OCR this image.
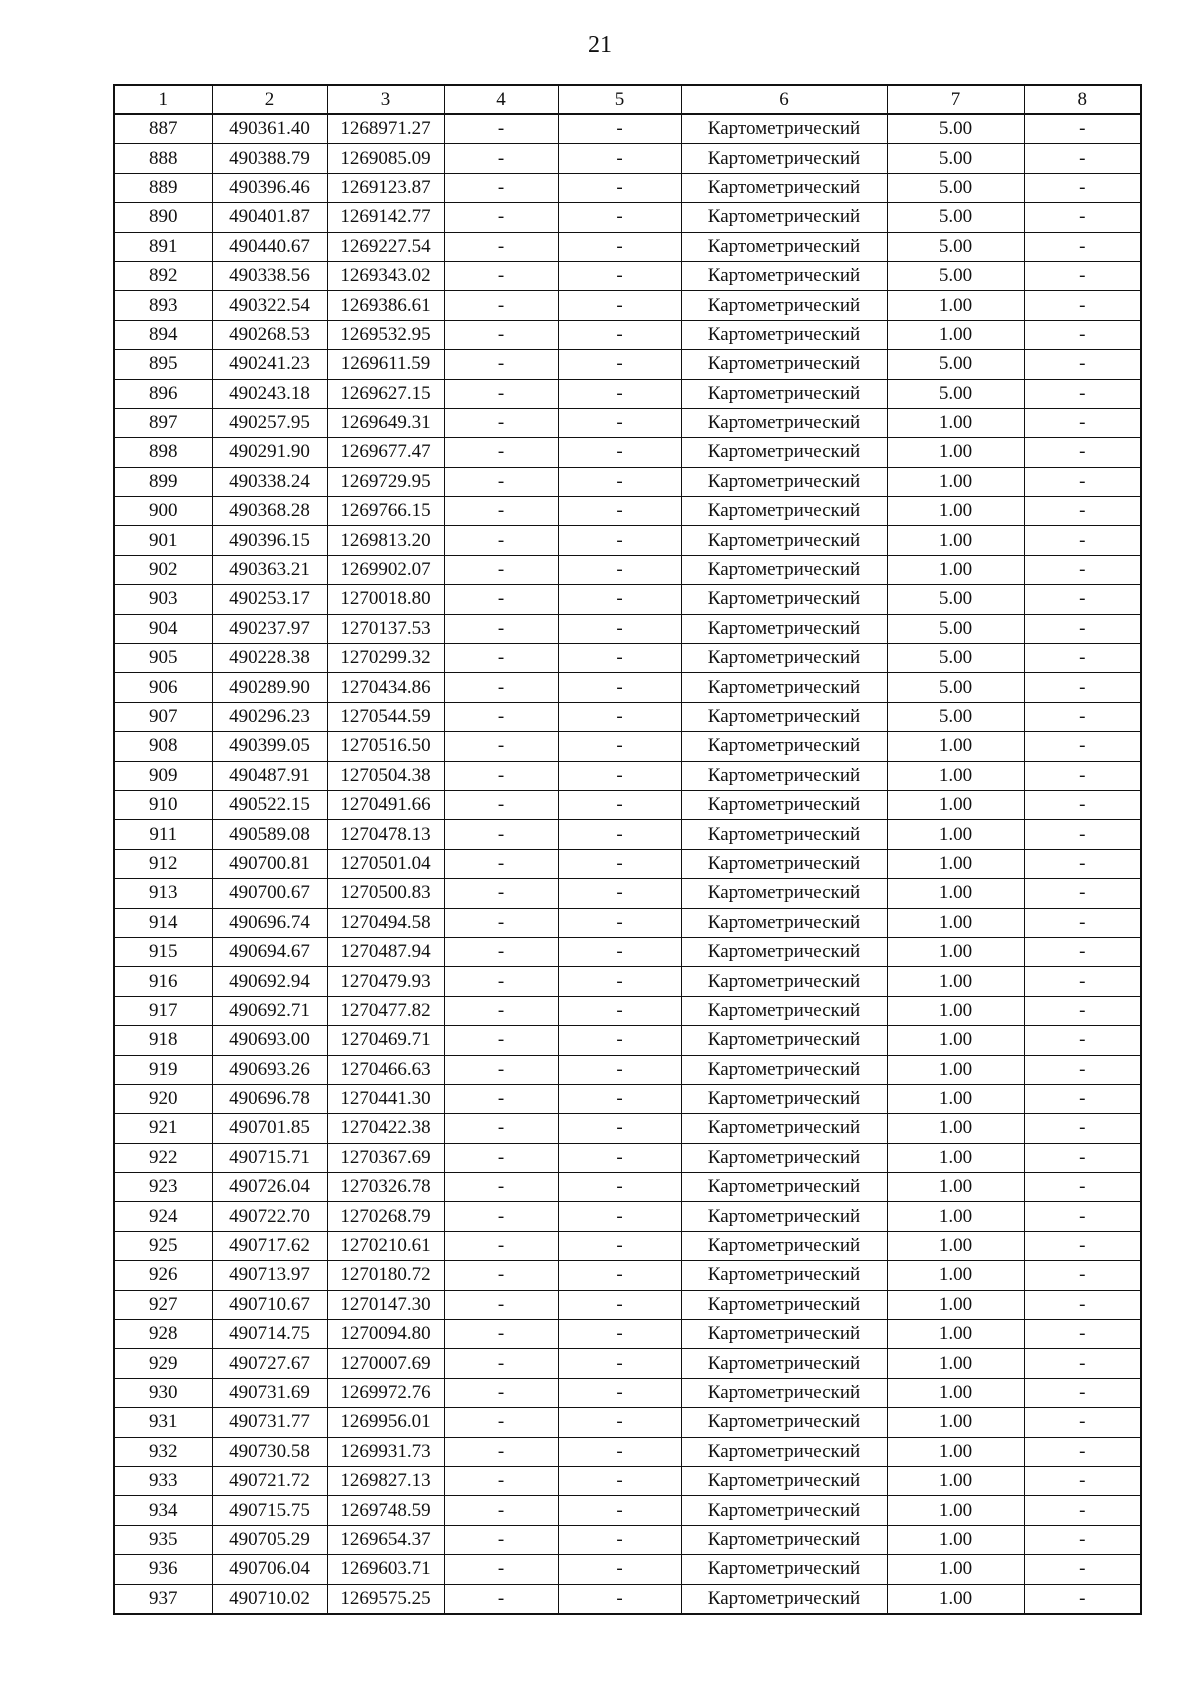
21
1	2	3	4	5	6	7	8
887	490361.40	1268971.27	-	-	Картометрический	5.00	-
888	490388.79	1269085.09	-	-	Картометрический	5.00	-
889	490396.46	1269123.87	-	-	Картометрический	5.00	-
890	490401.87	1269142.77	-	-	Картометрический	5.00	-
891	490440.67	1269227.54	-	-	Картометрический	5.00	-
892	490338.56	1269343.02	-	-	Картометрический	5.00	-
893	490322.54	1269386.61	-	-	Картометрический	1.00	-
894	490268.53	1269532.95	-	-	Картометрический	1.00	-
895	490241.23	1269611.59	-	-	Картометрический	5.00	-
896	490243.18	1269627.15	-	-	Картометрический	5.00	-
897	490257.95	1269649.31	-	-	Картометрический	1.00	-
898	490291.90	1269677.47	-	-	Картометрический	1.00	-
899	490338.24	1269729.95	-	-	Картометрический	1.00	-
900	490368.28	1269766.15	-	-	Картометрический	1.00	-
901	490396.15	1269813.20	-	-	Картометрический	1.00	-
902	490363.21	1269902.07	-	-	Картометрический	1.00	-
903	490253.17	1270018.80	-	-	Картометрический	5.00	-
904	490237.97	1270137.53	-	-	Картометрический	5.00	-
905	490228.38	1270299.32	-	-	Картометрический	5.00	-
906	490289.90	1270434.86	-	-	Картометрический	5.00	-
907	490296.23	1270544.59	-	-	Картометрический	5.00	-
908	490399.05	1270516.50	-	-	Картометрический	1.00	-
909	490487.91	1270504.38	-	-	Картометрический	1.00	-
910	490522.15	1270491.66	-	-	Картометрический	1.00	-
911	490589.08	1270478.13	-	-	Картометрический	1.00	-
912	490700.81	1270501.04	-	-	Картометрический	1.00	-
913	490700.67	1270500.83	-	-	Картометрический	1.00	-
914	490696.74	1270494.58	-	-	Картометрический	1.00	-
915	490694.67	1270487.94	-	-	Картометрический	1.00	-
916	490692.94	1270479.93	-	-	Картометрический	1.00	-
917	490692.71	1270477.82	-	-	Картометрический	1.00	-
918	490693.00	1270469.71	-	-	Картометрический	1.00	-
919	490693.26	1270466.63	-	-	Картометрический	1.00	-
920	490696.78	1270441.30	-	-	Картометрический	1.00	-
921	490701.85	1270422.38	-	-	Картометрический	1.00	-
922	490715.71	1270367.69	-	-	Картометрический	1.00	-
923	490726.04	1270326.78	-	-	Картометрический	1.00	-
924	490722.70	1270268.79	-	-	Картометрический	1.00	-
925	490717.62	1270210.61	-	-	Картометрический	1.00	-
926	490713.97	1270180.72	-	-	Картометрический	1.00	-
927	490710.67	1270147.30	-	-	Картометрический	1.00	-
928	490714.75	1270094.80	-	-	Картометрический	1.00	-
929	490727.67	1270007.69	-	-	Картометрический	1.00	-
930	490731.69	1269972.76	-	-	Картометрический	1.00	-
931	490731.77	1269956.01	-	-	Картометрический	1.00	-
932	490730.58	1269931.73	-	-	Картометрический	1.00	-
933	490721.72	1269827.13	-	-	Картометрический	1.00	-
934	490715.75	1269748.59	-	-	Картометрический	1.00	-
935	490705.29	1269654.37	-	-	Картометрический	1.00	-
936	490706.04	1269603.71	-	-	Картометрический	1.00	-
937	490710.02	1269575.25	-	-	Картометрический	1.00	-
